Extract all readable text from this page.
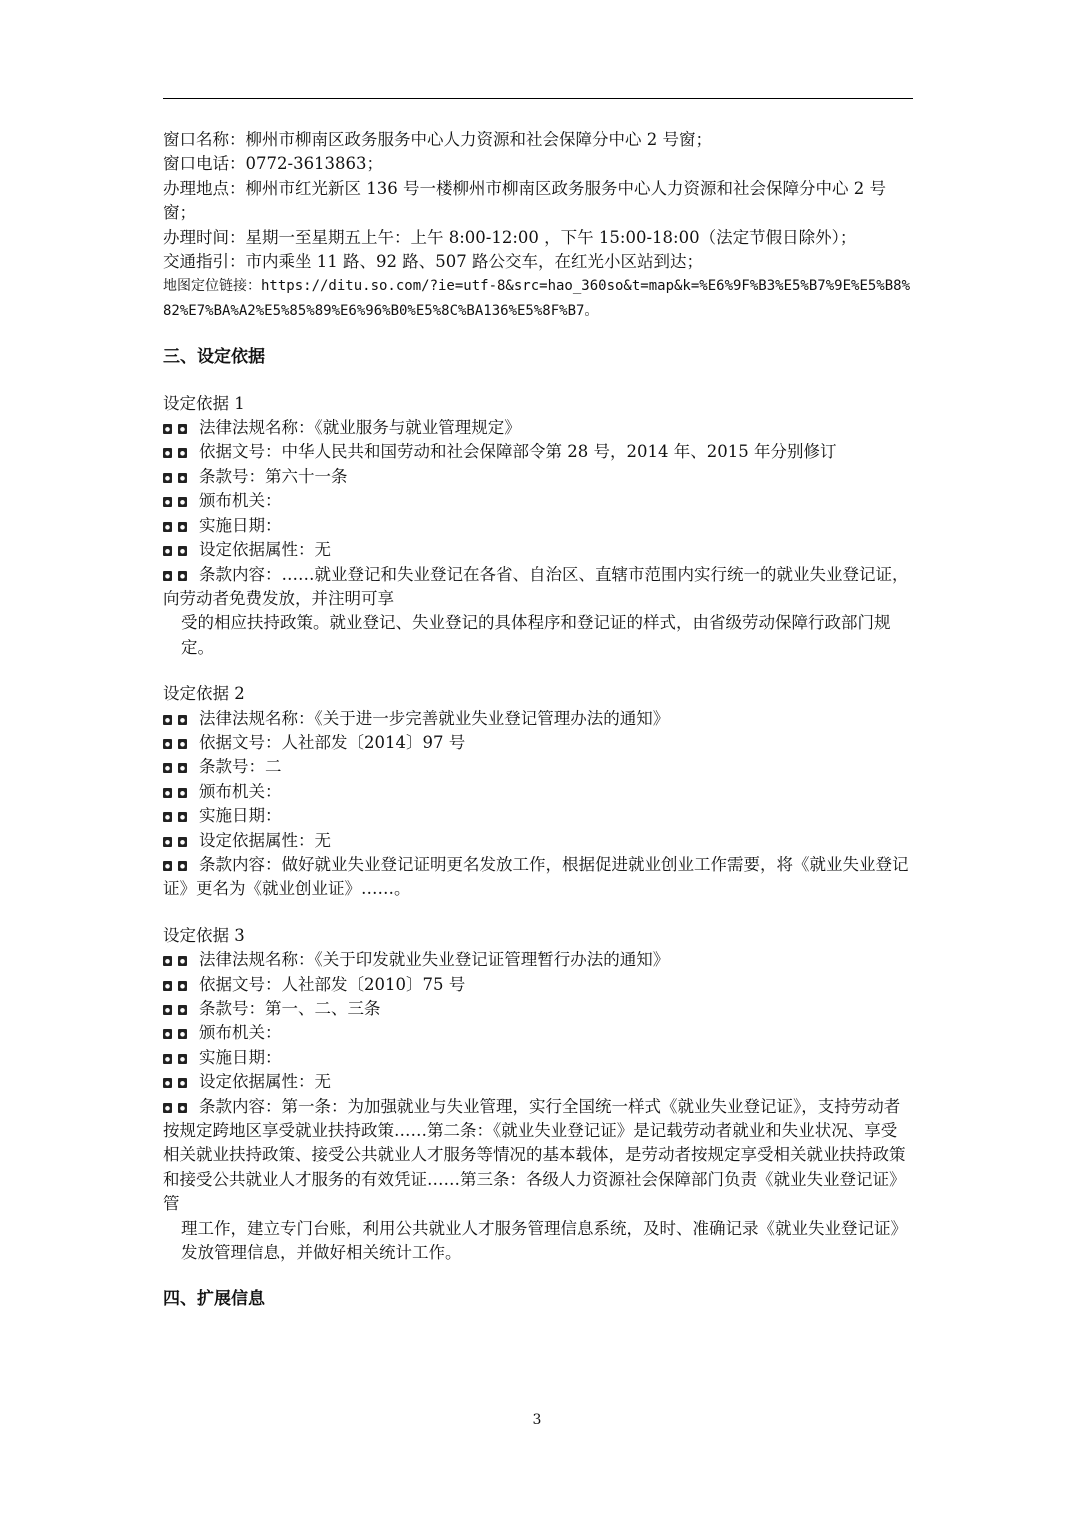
窗口名称：柳州市柳南区政务服务中心人力资源和社会保障分中心 2 号窗；
窗口电话：0772-3613863；
办理地点：柳州市红光新区 136 号一楼柳州市柳南区政务服务中心人力资源和社会保障分中心 2 号窗；
办理时间：星期一至星期五上午：上午 8:00-12:00 ，下午 15:00-18:00（法定节假日除外）；
交通指引：市内乘坐 11 路、92 路、507 路公交车，在红光小区站到达；
地图定位链接：https://ditu.so.com/?ie=utf-8&src=hao_360so&t=map&k=%E6%9F%B3%E5%B7%9E%E5%B8%82%E7%BA%A2%E5%85%89%E6%96%B0%E5%8C%BA136%E5%8F%B7。
三、设定依据
设定依据 1
法律法规名称：《就业服务与就业管理规定》
依据文号：中华人民共和国劳动和社会保障部令第 28 号，2014 年、2015 年分别修订
条款号：第六十一条
颁布机关：
实施日期：
设定依据属性：无
条款内容：……就业登记和失业登记在各省、自治区、直辖市范围内实行统一的就业失业登记证，向劳动者免费发放，并注明可享
受的相应扶持政策。就业登记、失业登记的具体程序和登记证的样式，由省级劳动保障行政部门规定。
设定依据 2
法律法规名称：《关于进一步完善就业失业登记管理办法的通知》
依据文号：人社部发〔2014〕97 号
条款号：二
颁布机关：
实施日期：
设定依据属性：无
条款内容：做好就业失业登记证明更名发放工作，根据促进就业创业工作需要，将《就业失业登记证》更名为《就业创业证》……。
设定依据 3
法律法规名称：《关于印发就业失业登记证管理暂行办法的通知》
依据文号：人社部发〔2010〕75 号
条款号：第一、二、三条
颁布机关：
实施日期：
设定依据属性：无
条款内容：第一条：为加强就业与失业管理，实行全国统一样式《就业失业登记证》，支持劳动者按规定跨地区享受就业扶持政策……第二条：《就业失业登记证》是记载劳动者就业和失业状况、享受相关就业扶持政策、接受公共就业人才服务等情况的基本载体，是劳动者按规定享受相关就业扶持政策和接受公共就业人才服务的有效凭证……第三条：各级人力资源社会保障部门负责《就业失业登记证》管
理工作，建立专门台账，利用公共就业人才服务管理信息系统，及时、准确记录《就业失业登记证》发放管理信息，并做好相关统计工作。
四、扩展信息
3
